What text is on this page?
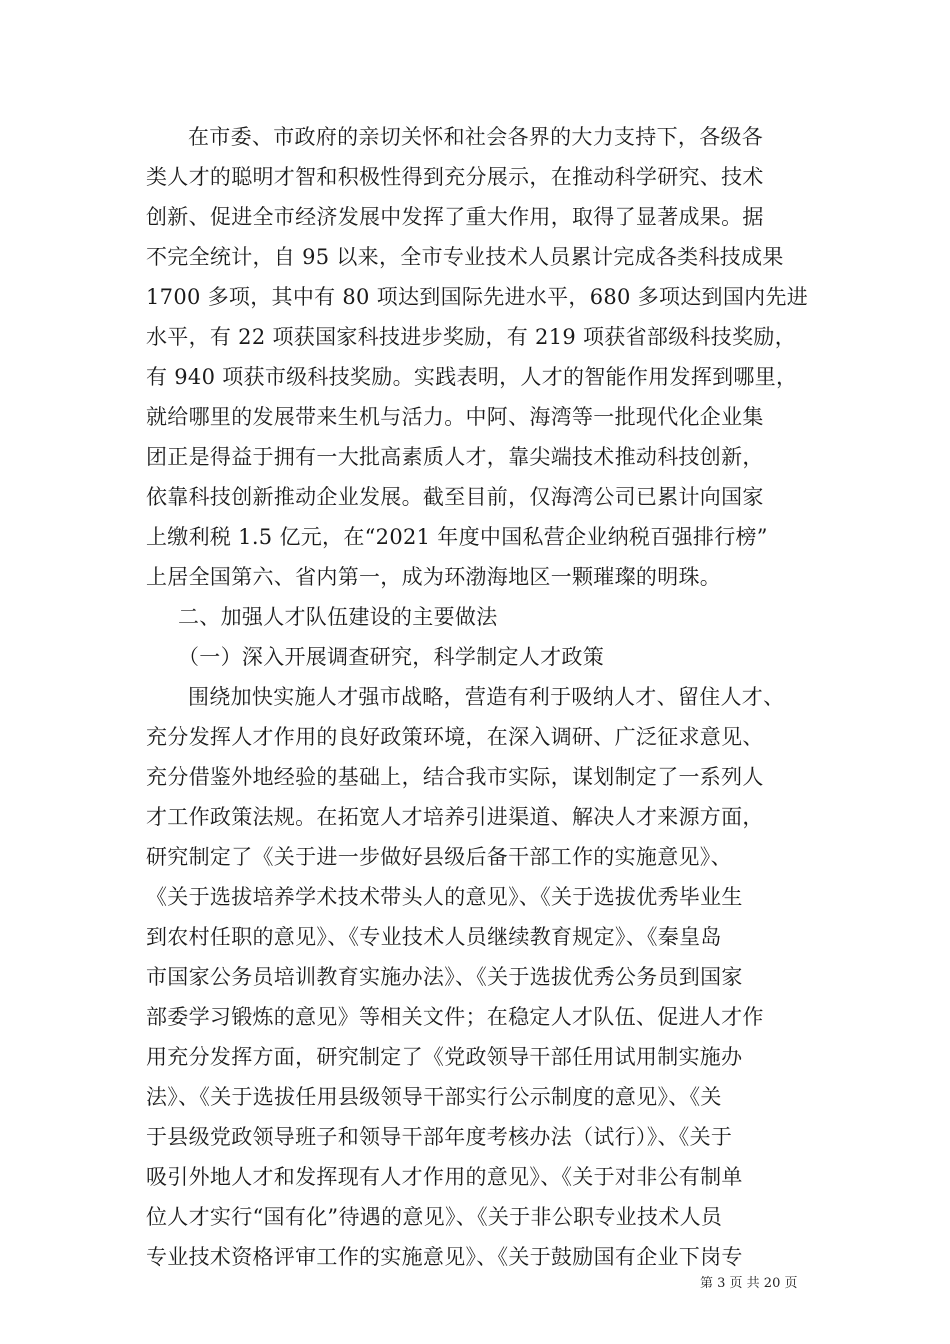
在市委、市政府的亲切关怀和社会各界的大力支持下，各级各
类人才的聪明才智和积极性得到充分展示，在推动科学研究、技术
创新、促进全市经济发展中发挥了重大作用，取得了显著成果。据
不完全统计，自 95 以来，全市专业技术人员累计完成各类科技成果
1700 多项，其中有 80 项达到国际先进水平，680 多项达到国内先进
水平，有 22 项获国家科技进步奖励，有 219 项获省部级科技奖励，
有 940 项获市级科技奖励。实践表明，人才的智能作用发挥到哪里，
就给哪里的发展带来生机与活力。中阿、海湾等一批现代化企业集
团正是得益于拥有一大批高素质人才，靠尖端技术推动科技创新，
依靠科技创新推动企业发展。截至目前，仅海湾公司已累计向国家
上缴利税 1.5 亿元，在“2021 年度中国私营企业纳税百强排行榜”
上居全国第六、省内第一，成为环渤海地区一颗璀璨的明珠。
二、加强人才队伍建设的主要做法
（一）深入开展调查研究，科学制定人才政策
围绕加快实施人才强市战略，营造有利于吸纳人才、留住人才、
充分发挥人才作用的良好政策环境，在深入调研、广泛征求意见、
充分借鉴外地经验的基础上，结合我市实际，谋划制定了一系列人
才工作政策法规。在拓宽人才培养引进渠道、解决人才来源方面，
研究制定了《关于进一步做好县级后备干部工作的实施意见》、
《关于选拔培养学术技术带头人的意见》、《关于选拔优秀毕业生
到农村任职的意见》、《专业技术人员继续教育规定》、《秦皇岛
市国家公务员培训教育实施办法》、《关于选拔优秀公务员到国家
部委学习锻炼的意见》等相关文件；在稳定人才队伍、促进人才作
用充分发挥方面，研究制定了《党政领导干部任用试用制实施办
法》、《关于选拔任用县级领导干部实行公示制度的意见》、《关
于县级党政领导班子和领导干部年度考核办法（试行）》、《关于
吸引外地人才和发挥现有人才作用的意见》、《关于对非公有制单
位人才实行“国有化”待遇的意见》、《关于非公职专业技术人员
专业技术资格评审工作的实施意见》、《关于鼓励国有企业下岗专
第 3 页 共 20 页
